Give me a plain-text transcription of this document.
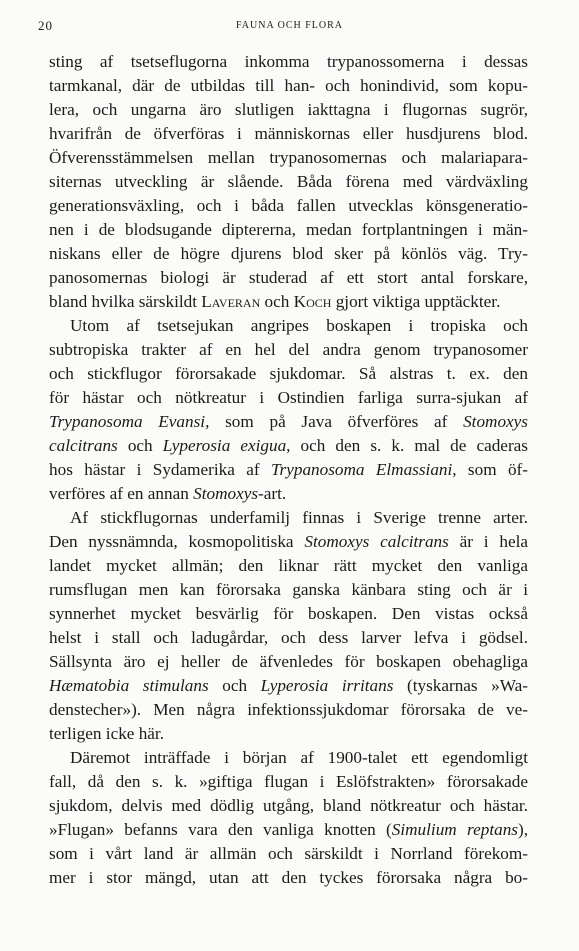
20	FAUNA OCH FLORA
sting af tsetseflugorna inkomma trypanossomerna i dessas
tarmkanal, där de utbildas till han- och honindivid, som kopu-
lera, och ungarna äro slutligen iakttagna i flugornas sugrör,
hvarifrån de öfverföras i människornas eller husdjurens blod.
Öfverensstämmelsen mellan trypanosomernas och malariapara-
siternas utveckling är slående. Båda förena med värdväxling
generationsväxling, och i båda fallen utvecklas könsgeneratio-
nen i de blodsugande diptererna, medan fortplantningen i män-
niskans eller de högre djurens blod sker på könlös väg. Try-
panosomernas biologi är studerad af ett stort antal forskare,
bland hvilka särskildt Laveran och Koch gjort viktiga upptäckter.
Utom af tsetsejukan angripes boskapen i tropiska och
subtropiska trakter af en hel del andra genom trypanosomer
och stickflugor förorsakade sjukdomar. Så alstras t. ex. den
för hästar och nötkreatur i Ostindien farliga surra-sjukan af
Trypanosoma Evansi, som på Java öfverföres af Stomoxys
calcitrans och Lyperosia exigua, och den s. k. mal de caderas
hos hästar i Sydamerika af Trypanosoma Elmassiani, som öf-
verföres af en annan Stomoxys-art.
Af stickflugornas underfamilj finnas i Sverige trenne arter.
Den nyssnämnda, kosmopolitiska Stomoxys calcitrans är i hela
landet mycket allmän; den liknar rätt mycket den vanliga
rumsflugan men kan förorsaka ganska känbara sting och är i
synnerhet mycket besvärlig för boskapen. Den vistas också
helst i stall och ladugårdar, och dess larver lefva i gödsel.
Sällsynta äro ej heller de äfvenledes för boskapen obehagliga
Hæmatobia stimulans och Lyperosia irritans (tyskarnas »Wa-
denstecher»). Men några infektionssjukdomar förorsaka de ve-
terligen icke här.
Däremot inträffade i början af 1900-talet ett egendomligt
fall, då den s. k. »giftiga flugan i Eslöfstrakten» förorsakade
sjukdom, delvis med dödlig utgång, bland nötkreatur och hästar.
»Flugan» befanns vara den vanliga knotten (Simulium reptans),
som i vårt land är allmän och särskildt i Norrland förekom-
mer i stor mängd, utan att den tyckes förorsaka några bo-
